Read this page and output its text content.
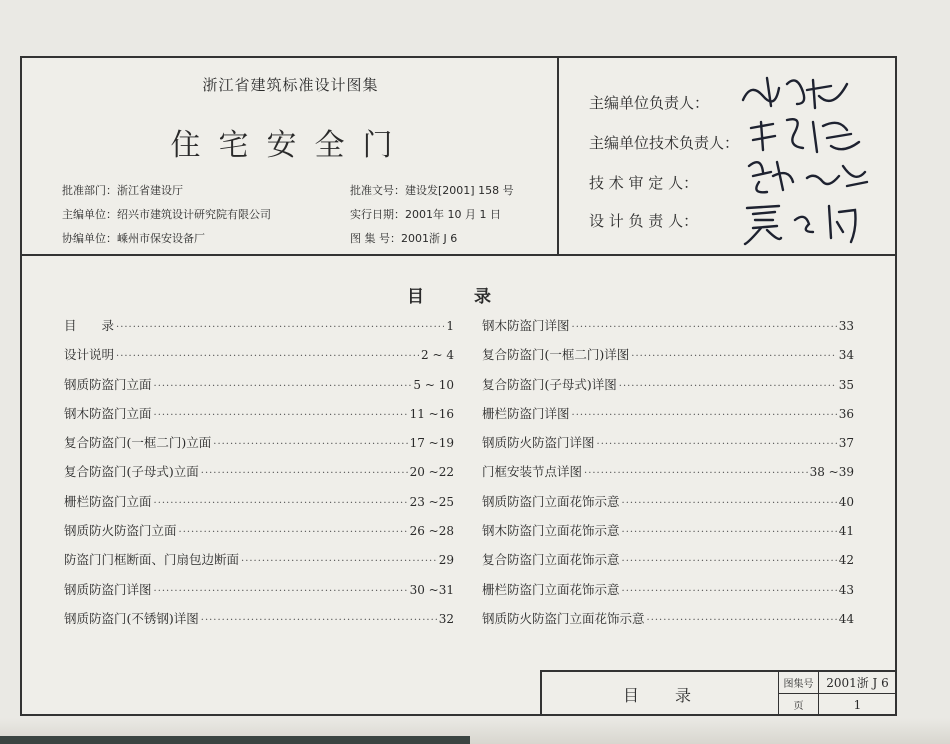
浙江省建筑标准设计图集
住宅安全门
批准部门：浙江省建设厅
主编单位：绍兴市建筑设计研究院有限公司
协编单位：嵊州市保安设备厂
批准文号：建设发[2001] 158 号
实行日期：2001年 10 月 1 日
图 集 号：2001浙 J 6
主编单位负责人：
主编单位技术负责人：
技 术 审 定 人：
设 计 负 责 人：
目录
目　　录 ·····	1
设计说明 ·····	2 ~ 4
钢质防盗门立面 ·····	5 ~ 10
钢木防盗门立面 ·····	11 ~16
复合防盗门(一框二门)立面 ·····	17 ~19
复合防盗门(子母式)立面 ·····	20 ~22
栅栏防盗门立面 ·····	23 ~25
钢质防火防盗门立面 ·····	26 ~28
防盗门门框断面、门扇包边断面 ·····	29
钢质防盗门详图 ·····	30 ~31
钢质防盗门(不锈钢)详图 ·····	32
钢木防盗门详图 ·····	33
复合防盗门(一框二门)详图 ·····	34
复合防盗门(子母式)详图 ·····	35
栅栏防盗门详图 ·····	36
钢质防火防盗门详图 ·····	37
门框安装节点详图 ·····	38 ~39
钢质防盗门立面花饰示意 ·····	40
钢木防盗门立面花饰示意 ·····	41
复合防盗门立面花饰示意 ·····	42
栅栏防盗门立面花饰示意 ·····	43
钢质防火防盗门立面花饰示意 ·····	44
目录
图集号	2001浙 J 6
页	1
